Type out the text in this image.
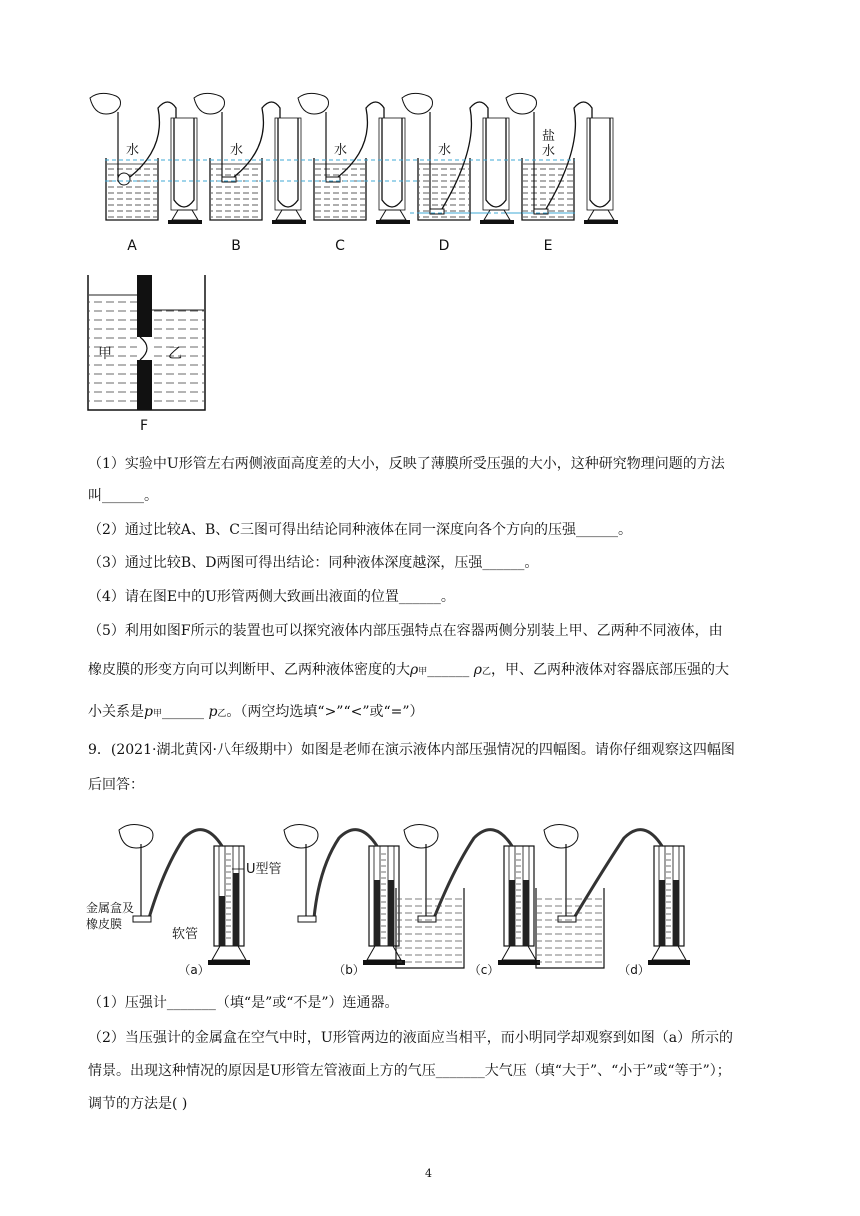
水
A
水
B
水
C
水
D
盐水
E
甲	乙
F
（1）实验中U形管左右两侧液面高度差的大小，反映了薄膜所受压强的大小，这种研究物理问题的方法
叫______。
（2）通过比较A、B、C三图可得出结论同种液体在同一深度向各个方向的压强______。
（3）通过比较B、D两图可得出结论：同种液体深度越深，压强______。
（4）请在图E中的U形管两侧大致画出液面的位置______。
（5）利用如图F所示的装置也可以探究液体内部压强特点在容器两侧分别装上甲、乙两种不同液体，由
橡皮膜的形变方向可以判断甲、乙两种液体密度的大ρ甲______ ρ乙，甲、乙两种液体对容器底部压强的大
小关系是p甲______ p乙。（两空均选填“>”“<”或“=”）
9．(2021·湖北黄冈·八年级期中）如图是老师在演示液体内部压强情况的四幅图。请你仔细观察这四幅图
后回答：
（a）	（b）	（c）	（d）
U型管
金属盒及
橡皮膜
软管
（1）压强计_______（填“是”或“不是”）连通器。
（2）当压强计的金属盒在空气中时，U形管两边的液面应当相平，而小明同学却观察到如图（a）所示的
情景。出现这种情况的原因是U形管左管液面上方的气压_______大气压（填“大于”、“小于”或“等于”）；
调节的方法是( )
4
